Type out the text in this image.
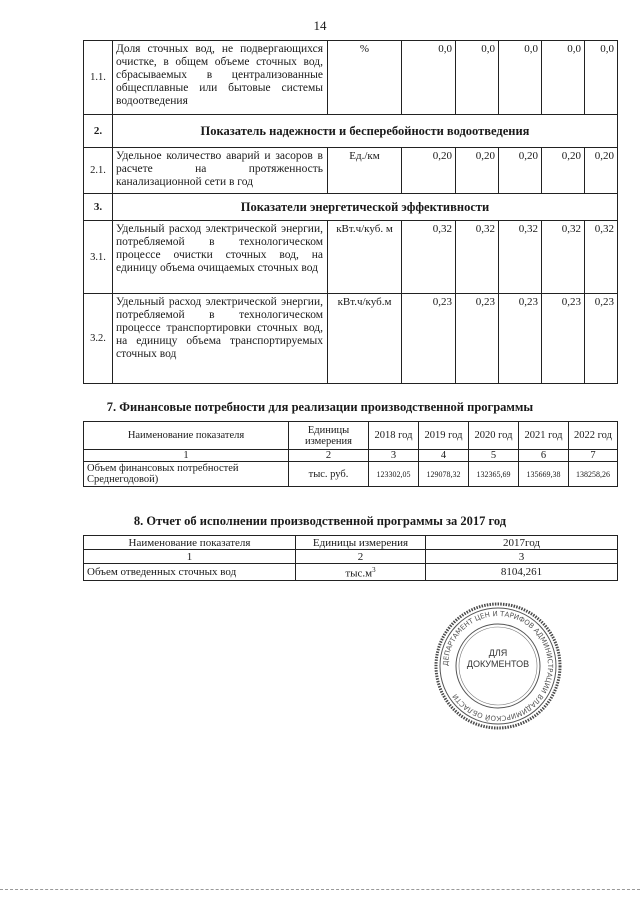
14
1.1.	Доля сточных вод, не подвергающихся очистке, в общем объеме сточных вод, сбрасываемых в централизованные общесплавные или бытовые системы водоотведения	%	0,0	0,0	0,0	0,0	0,0
2.	Показатель надежности и бесперебойности водоотведения						
2.1.	Удельное количество аварий и засоров в расчете на протяженность канализационной сети в год	Ед./км	0,20	0,20	0,20	0,20	0,20
3.	Показатели энергетической эффективности						
3.1.	Удельный расход электрической энергии, потребляемой в технологическом процессе очистки сточных вод, на единицу объема очищаемых сточных вод	кВт.ч/куб. м	0,32	0,32	0,32	0,32	0,32
3.2.	Удельный расход электрической энергии, потребляемой в технологическом процессе транспортировки сточных вод, на единицу объема транспортируемых сточных вод	кВт.ч/куб.м	0,23	0,23	0,23	0,23	0,23
7. Финансовые потребности для реализации производственной программы
Наименование показателя	Единицы измерения	2018 год	2019 год	2020 год	2021 год	2022 год
1	2	3	4	5	6	7
Объем финансовых потребностей Среднегодовой)	тыс. руб.	123302,05	129078,32	132365,69	135669,38	138258,26
8. Отчет об исполнении производственной программы за 2017 год
Наименование показателя	Единицы измерения	2017год
1	2	3
Объем отведенных сточных вод	$тыс.м^3$	8104,261
ДЕПАРТАМЕНТ ЦЕН И ТАРИФОВ АДМИНИСТРАЦИИ ВЛАДИМИРСКОЙ ОБЛАСТИ
ДЛЯ
ДОКУМЕНТОВ
